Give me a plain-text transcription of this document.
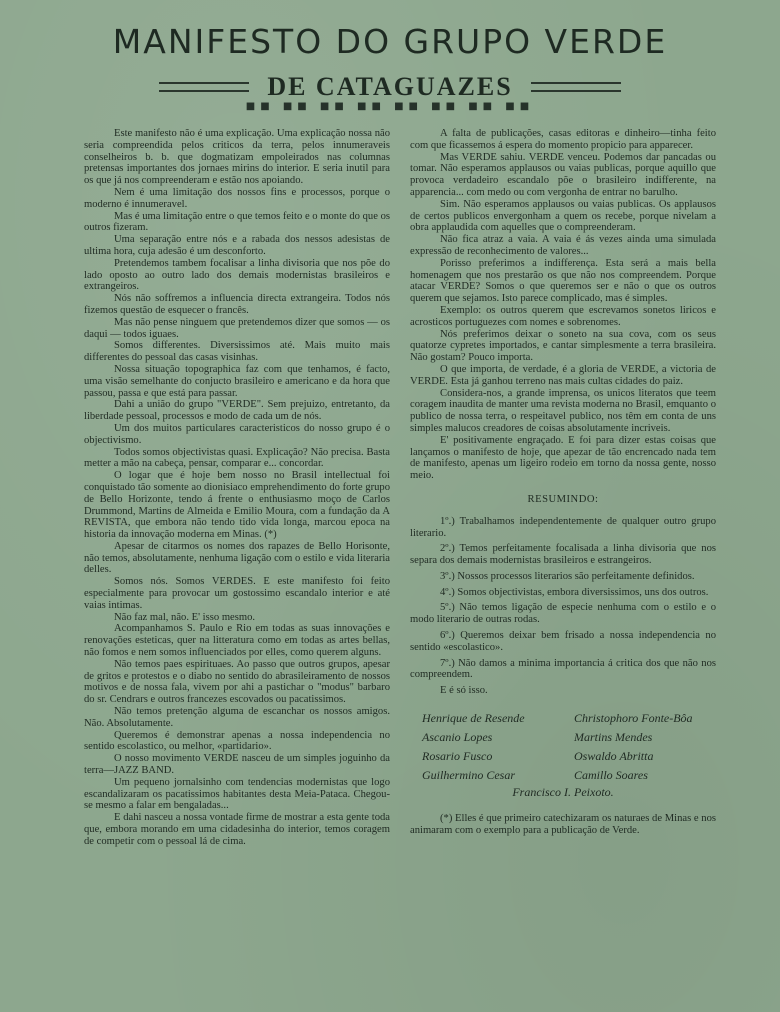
MANIFESTO DO GRUPO VERDE
DE CATAGUAZES
■■ ■■ ■■ ■■ ■■ ■■ ■■ ■■

Este manifesto não é uma explicação. Uma explicação nossa não seria compreendida pelos criticos da terra, pelos innumeraveis conselheiros b. b. que dogmatizam empoleirados nas columnas pretensas importantes dos jornaes mirins do interior. E seria inutil para os que já nos compreenderam e estão nos apoiando.

Nem é uma limitação dos nossos fins e processos, porque o moderno é innumeravel.

Mas é uma limitação entre o que temos feito e o monte do que os outros fizeram.

Uma separação entre nós e a rabada dos nessos adesistas de ultima hora, cuja adesão é um desconforto.

Pretendemos tambem focalisar a linha divisoria que nos põe do lado oposto ao outro lado dos demais modernistas brasileiros e extrangeiros.

Nós não soffremos a influencia directa extrangeira. Todos nós fizemos questão de esquecer o francês.

Mas não pense ninguem que pretendemos dizer que somos — os daqui — todos iguaes.

Somos differentes. Diversissimos até. Mais muito mais differentes do pessoal das casas visinhas.

Nossa situação topographica faz com que tenhamos, é facto, uma visão semelhante do conjucto brasileiro e americano e da hora que passou, passa e que está para passar.

Dahi a união do grupo "VERDE". Sem prejuizo, entretanto, da liberdade pessoal, processos e modo de cada um de nós.

Um dos muitos particulares caracteristicos do nosso grupo é o objectivismo.

Todos somos objectivistas quasi. Explicação? Não precisa. Basta metter a mão na cabeça, pensar, comparar e... concordar.

O logar que é hoje bem nosso no Brasil intellectual foi conquistado tão somente ao dionisiaco emprehendimento do forte grupo de Bello Horizonte, tendo á frente o enthusiasmo moço de Carlos Drummond, Martins de Almeida e Emilio Moura, com a fundação da A REVISTA, que embora não tendo tido vida longa, marcou epoca na historia da innovação moderna em Minas. (*)

Apesar de citarmos os nomes dos rapazes de Bello Horisonte, não temos, absolutamente, nenhuma ligação com o estilo e vida literaria delles.

Somos nós. Somos VERDES. E este manifesto foi feito especialmente para provocar um gostossimo escandalo interior e até vaias intimas.

Não faz mal, não. E' isso mesmo.

Acompanhamos S. Paulo e Rio em todas as suas innovações e renovações esteticas, quer na litteratura como em todas as artes bellas, não fomos e nem somos influenciados por elles, como querem alguns.

Não temos paes espirituaes. Ao passo que outros grupos, apesar de gritos e protestos e o diabo no sentido do abrasileiramento de nossos motivos e de nossa fala, vivem por ahi a pastichar o "modus" barbaro do sr. Cendrars e outros francezes escovados ou pacatissimos.

Não temos pretenção alguma de escanchar os nossos amigos. Não. Absolutamente.

Queremos é demonstrar apenas a nossa independencia no sentido escolastico, ou melhor, «partidario».

O nosso movimento VERDE nasceu de um simples joguinho da terra—JAZZ BAND.

Um pequeno jornalsinho com tendencias modernistas que logo escandalizaram os pacatissimos habitantes desta Meia-Pataca. Chegou-se mesmo a falar em bengaladas...

E dahi nasceu a nossa vontade firme de mostrar a esta gente toda que, embora morando em uma cidadesinha do interior, temos coragem de competir com o pessoal lá de cima.

A falta de publicações, casas editoras e dinheiro—tinha feito com que ficassemos á espera do momento propicio para apparecer.

Mas VERDE sahiu. VERDE venceu. Podemos dar pancadas ou tomar. Não esperamos applausos ou vaias publicas, porque aquillo que provoca verdadeiro escandalo põe o brasileiro indifferente, na apparencia... com medo ou com vergonha de entrar no barulho.

Sim. Não esperamos applausos ou vaias publicas. Os applausos de certos publicos envergonham a quem os recebe, porque nivelam a obra applaudida com aquelles que o compreenderam.

Não fica atraz a vaia. A vaia é ás vezes ainda uma simulada expressão de reconhecimento de valores...

Porisso preferimos a indifferença. Esta será a mais bella homenagem que nos prestarão os que não nos compreendem. Porque atacar VERDE? Somos o que queremos ser e não o que os outros querem que sejamos. Isto parece complicado, mas é simples.

Exemplo: os outros querem que escrevamos sonetos liricos e acrosticos portuguezes com nomes e sobrenomes.

Nós preferimos deixar o soneto na sua cova, com os seus quatorze cypretes importados, e cantar simplesmente a terra brasileira. Não gostam? Pouco importa.

O que importa, de verdade, é a gloria de VERDE, a victoria de VERDE. Esta já ganhou terreno nas mais cultas cidades do paiz.

Considera-nos, a grande imprensa, os unicos literatos que teem coragem inaudita de manter uma revista moderna no Brasil, emquanto o publico de nossa terra, o respeitavel publico, nos têm em conta de uns simples malucos creadores de coisas absolutamente incriveis.

E' positivamente engraçado. E foi para dizer estas coisas que lançamos o manifesto de hoje, que apezar de tão encrencado nada tem de manifesto, apenas um ligeiro rodeio em torno da nossa gente, nosso meio.

RESUMINDO:

1º.) Trabalhamos independentemente de qualquer outro grupo literario.

2º.) Temos perfeitamente focalisada a linha divisoria que nos separa dos demais modernistas brasileiros e estrangeiros.

3º.) Nossos processos literarios são perfeitamente definidos.

4º.) Somos objectivistas, embora diversissimos, uns dos outros.

5º.) Não temos ligação de especie nenhuma com o estilo e o modo literario de outras rodas.

6º.) Queremos deixar bem frisado a nossa independencia no sentido «escolastico».

7º.) Não damos a minima importancia á critica dos que não nos compreendem.

E é só isso.

Henrique de Resende	Christophoro Fonte-Bôa
Ascanio Lopes	Martins Mendes
Rosario Fusco	Oswaldo Abritta
Guilhermino Cesar	Camillo Soares
Francisco I. Peixoto.

(*) Elles é que primeiro catechizaram os naturaes de Minas e nos animaram com o exemplo para a publicação de Verde.
